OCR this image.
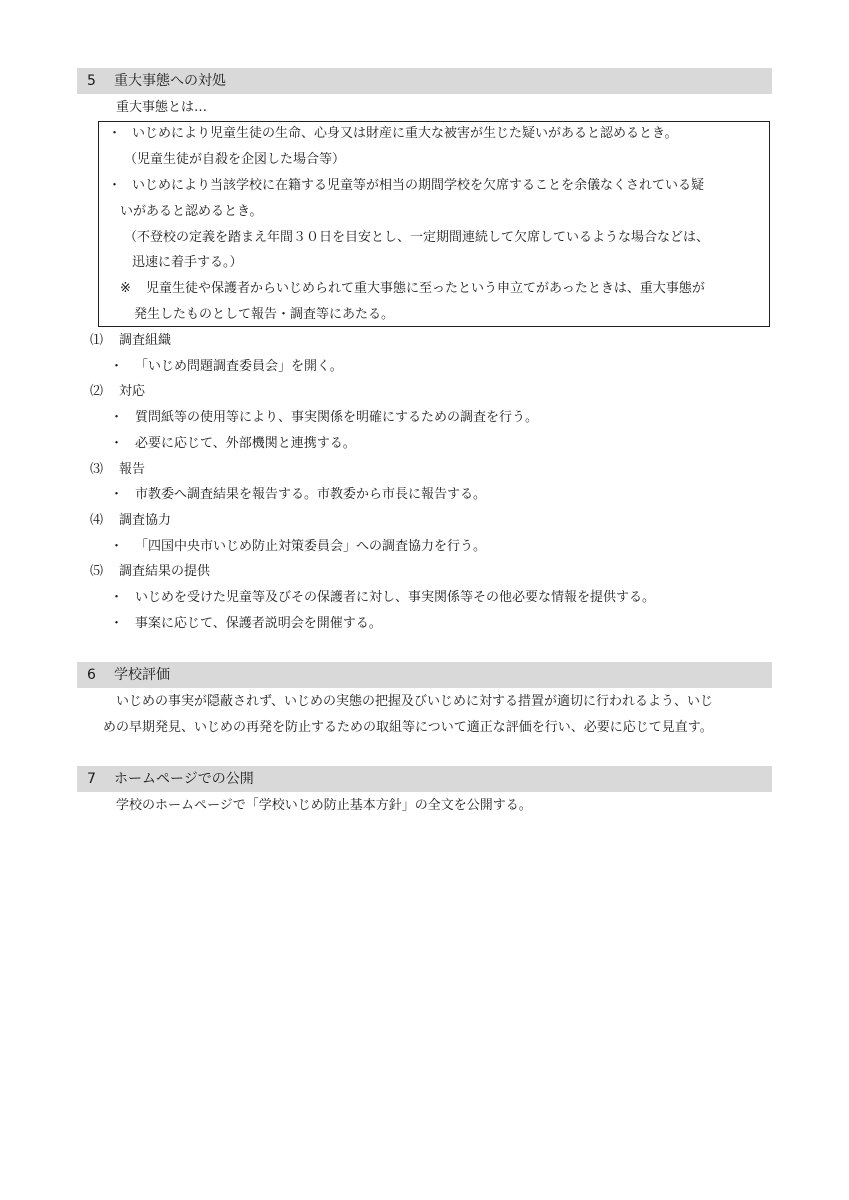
5 重大事態への対処
重大事態とは…
・ いじめにより児童生徒の生命、心身又は財産に重大な被害が生じた疑いがあると認めるとき。
（児童生徒が自殺を企図した場合等）
・ いじめにより当該学校に在籍する児童等が相当の期間学校を欠席することを余儀なくされている疑
いがあると認めるとき。
（不登校の定義を踏まえ年間３０日を目安とし、一定期間連続して欠席しているような場合などは、
迅速に着手する。）
※ 児童生徒や保護者からいじめられて重大事態に至ったという申立てがあったときは、重大事態が
発生したものとして報告・調査等にあたる。
⑴ 調査組織
・ 「いじめ問題調査委員会」を開く。
⑵ 対応
・ 質問紙等の使用等により、事実関係を明確にするための調査を行う。
・ 必要に応じて、外部機関と連携する。
⑶ 報告
・ 市教委へ調査結果を報告する。市教委から市長に報告する。
⑷ 調査協力
・ 「四国中央市いじめ防止対策委員会」への調査協力を行う。
⑸ 調査結果の提供
・ いじめを受けた児童等及びその保護者に対し、事実関係等その他必要な情報を提供する。
・ 事案に応じて、保護者説明会を開催する。
6 学校評価
いじめの事実が隠蔽されず、いじめの実態の把握及びいじめに対する措置が適切に行われるよう、いじ
めの早期発見、いじめの再発を防止するための取組等について適正な評価を行い、必要に応じて見直す。
7 ホームページでの公開
学校のホームページで「学校いじめ防止基本方針」の全文を公開する。
